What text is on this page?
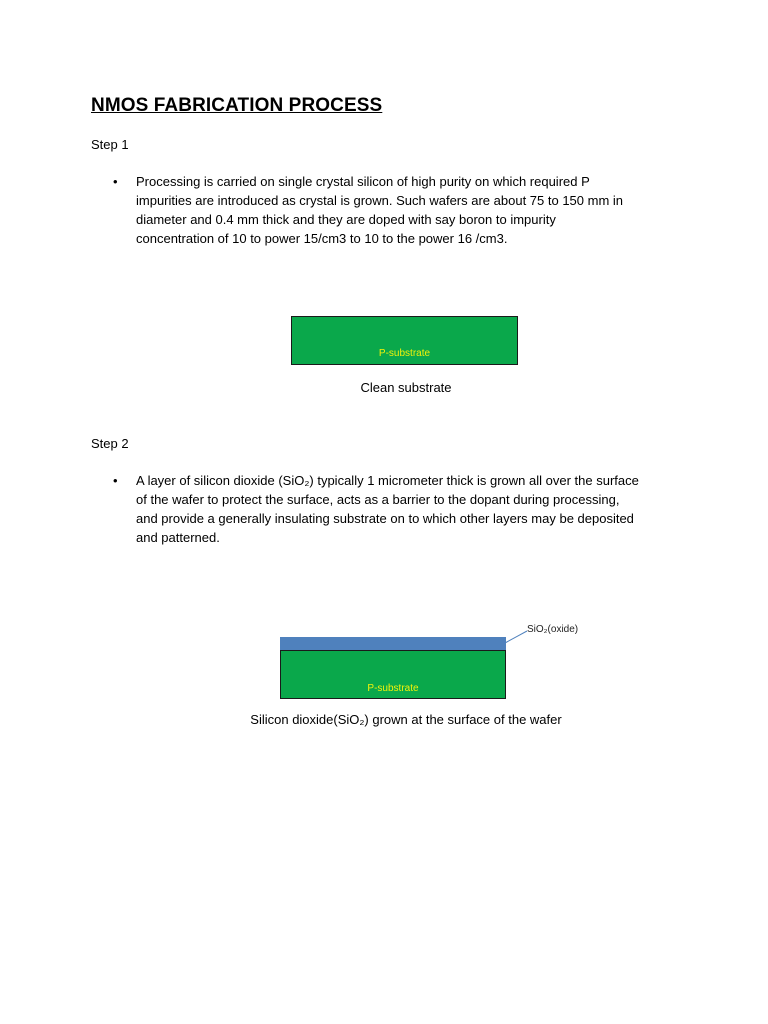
NMOS FABRICATION PROCESS
Step 1
• Processing is carried on single crystal silicon of high purity on which required P
impurities are introduced as crystal is grown. Such wafers are about 75 to 150 mm in
diameter and 0.4 mm thick and they are doped with say boron to impurity
concentration of 10 to power 15/cm3 to 10 to the power 16 /cm3.
P-substrate
Clean substrate
Step 2
• A layer of silicon dioxide (SiO₂) typically 1 micrometer thick is grown all over the surface
of the wafer to protect the surface, acts as a barrier to the dopant during processing,
and provide a generally insulating substrate on to which other layers may be deposited
and patterned.
P-substrate
SiO₂(oxide)
Silicon dioxide(SiO₂) grown at the surface of the wafer
